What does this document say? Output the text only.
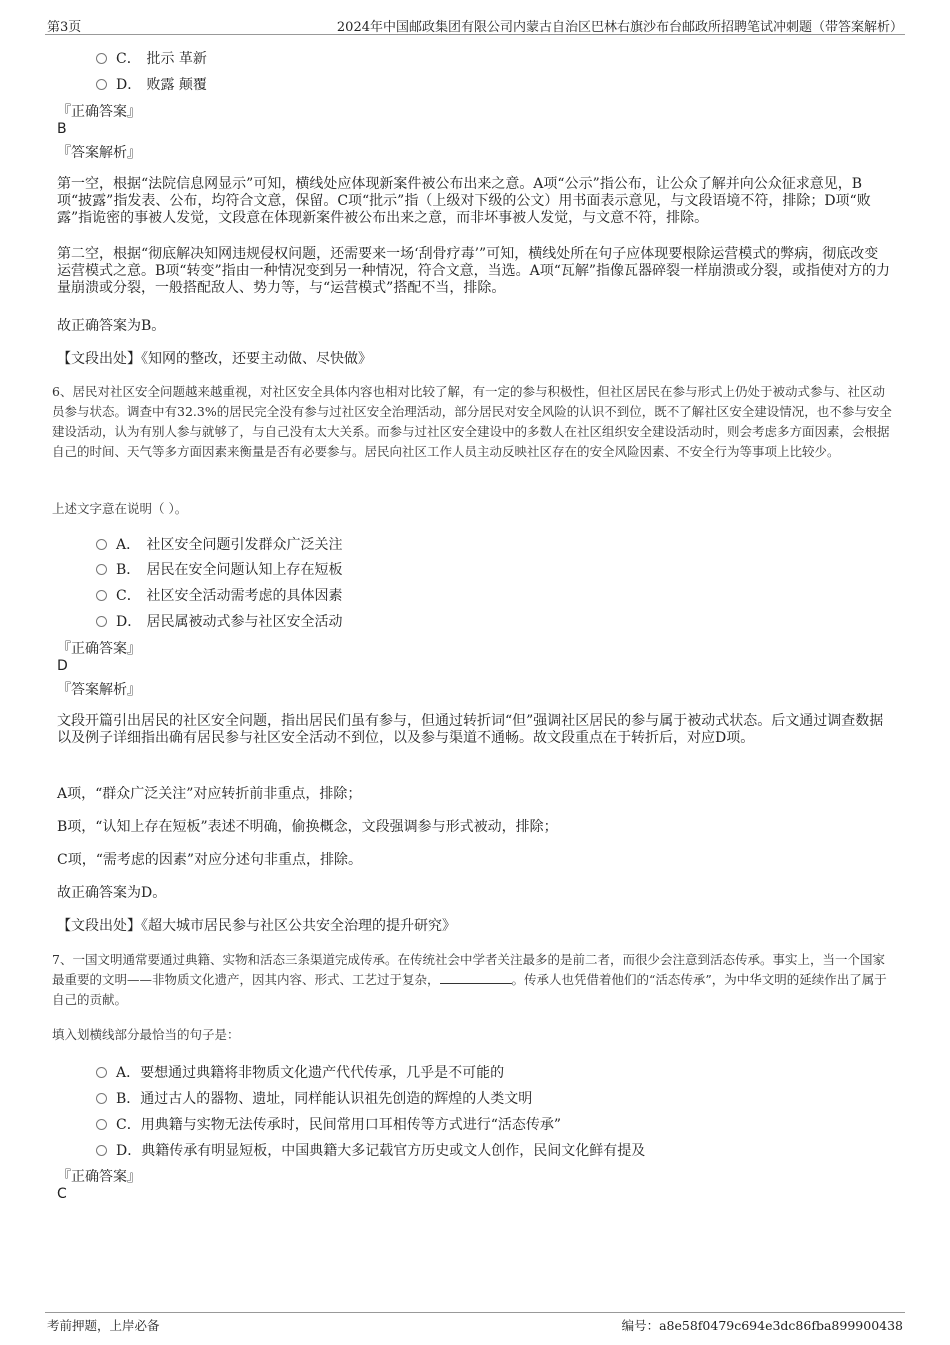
第3页	2024年中国邮政集团有限公司内蒙古自治区巴林右旗沙布台邮政所招聘笔试冲刺题（带答案解析）
C． 批示 革新
D． 败露 颠覆
『正确答案』
B
『答案解析』
第一空，根据“法院信息网显示”可知，横线处应体现新案件被公布出来之意。A项“公示”指公布，让公众了解并向公众征求意见，B项“披露”指发表、公布，均符合文意，保留。C项“批示”指（上级对下级的公文）用书面表示意见，与文段语境不符，排除；D项“败露”指诡密的事被人发觉，文段意在体现新案件被公布出来之意，而非坏事被人发觉，与文意不符，排除。
第二空，根据“彻底解决知网违规侵权问题，还需要来一场‘刮骨疗毒’”可知，横线处所在句子应体现要根除运营模式的弊病，彻底改变运营模式之意。B项“转变”指由一种情况变到另一种情况，符合文意，当选。A项“瓦解”指像瓦器碎裂一样崩溃或分裂，或指使对方的力量崩溃或分裂，一般搭配敌人、势力等，与“运营模式”搭配不当，排除。
故正确答案为B。
【文段出处】《知网的整改，还要主动做、尽快做》
6、居民对社区安全问题越来越重视，对社区安全具体内容也相对比较了解，有一定的参与积极性，但社区居民在参与形式上仍处于被动式参与、社区动员参与状态。调查中有32.3%的居民完全没有参与过社区安全治理活动，部分居民对安全风险的认识不到位，既不了解社区安全建设情况，也不参与安全建设活动，认为有别人参与就够了，与自己没有太大关系。而参与过社区安全建设中的多数人在社区组织安全建设活动时，则会考虑多方面因素，会根据自己的时间、天气等多方面因素来衡量是否有必要参与。居民向社区工作人员主动反映社区存在的安全风险因素、不安全行为等事项上比较少。
上述文字意在说明（ ）。
A． 社区安全问题引发群众广泛关注
B． 居民在安全问题认知上存在短板
C． 社区安全活动需考虑的具体因素
D． 居民属被动式参与社区安全活动
『正确答案』
D
『答案解析』
文段开篇引出居民的社区安全问题，指出居民们虽有参与，但通过转折词“但”强调社区居民的参与属于被动式状态。后文通过调查数据以及例子详细指出确有居民参与社区安全活动不到位，以及参与渠道不通畅。故文段重点在于转折后，对应D项。
A项，“群众广泛关注”对应转折前非重点，排除；
B项，“认知上存在短板”表述不明确，偷换概念，文段强调参与形式被动，排除；
C项，“需考虑的因素”对应分述句非重点，排除。
故正确答案为D。
【文段出处】《超大城市居民参与社区公共安全治理的提升研究》
7、一国文明通常要通过典籍、实物和活态三条渠道完成传承。在传统社会中学者关注最多的是前二者，而很少会注意到活态传承。事实上，当一个国家最重要的文明——非物质文化遗产，因其内容、形式、工艺过于复杂，	。传承人也凭借着他们的“活态传承”，为中华文明的延续作出了属于自己的贡献。
填入划横线部分最恰当的句子是：
A．要想通过典籍将非物质文化遗产代代传承，几乎是不可能的
B．通过古人的器物、遗址，同样能认识祖先创造的辉煌的人类文明
C．用典籍与实物无法传承时，民间常用口耳相传等方式进行“活态传承”
D．典籍传承有明显短板，中国典籍大多记载官方历史或文人创作，民间文化鲜有提及
『正确答案』
C
考前押题，上岸必备	编号：a8e58f0479c694e3dc86fba899900438
